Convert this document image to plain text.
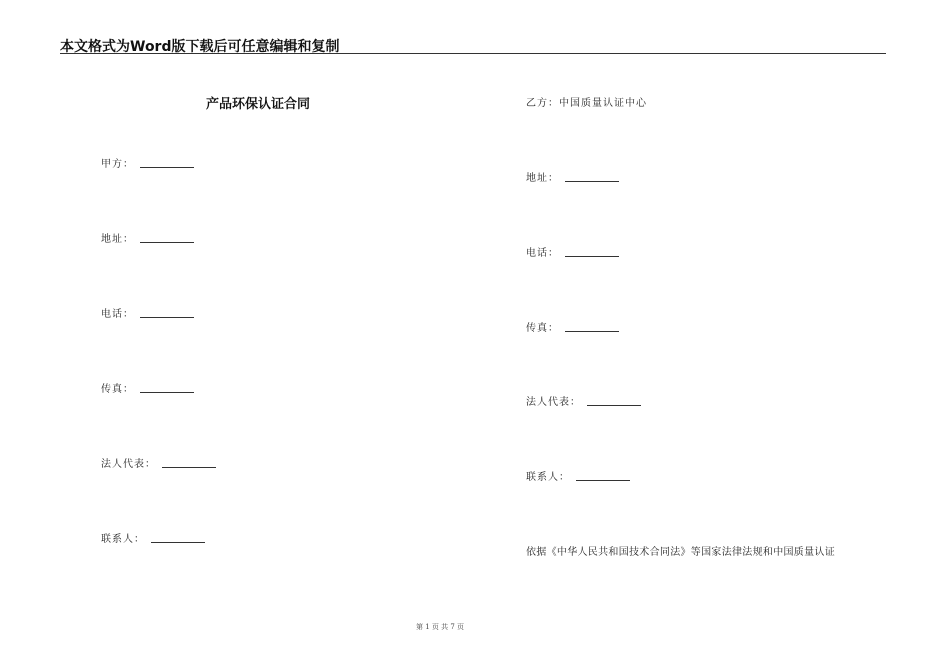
本文格式为Word版下载后可任意编辑和复制
产品环保认证合同
甲方：
地址：
电话：
传真：
法人代表：
联系人：
乙方：中国质量认证中心
地址：
电话：
传真：
法人代表：
联系人：
依据《中华人民共和国技术合同法》等国家法律法规和中国质量认证
第 1 页 共 7 页
